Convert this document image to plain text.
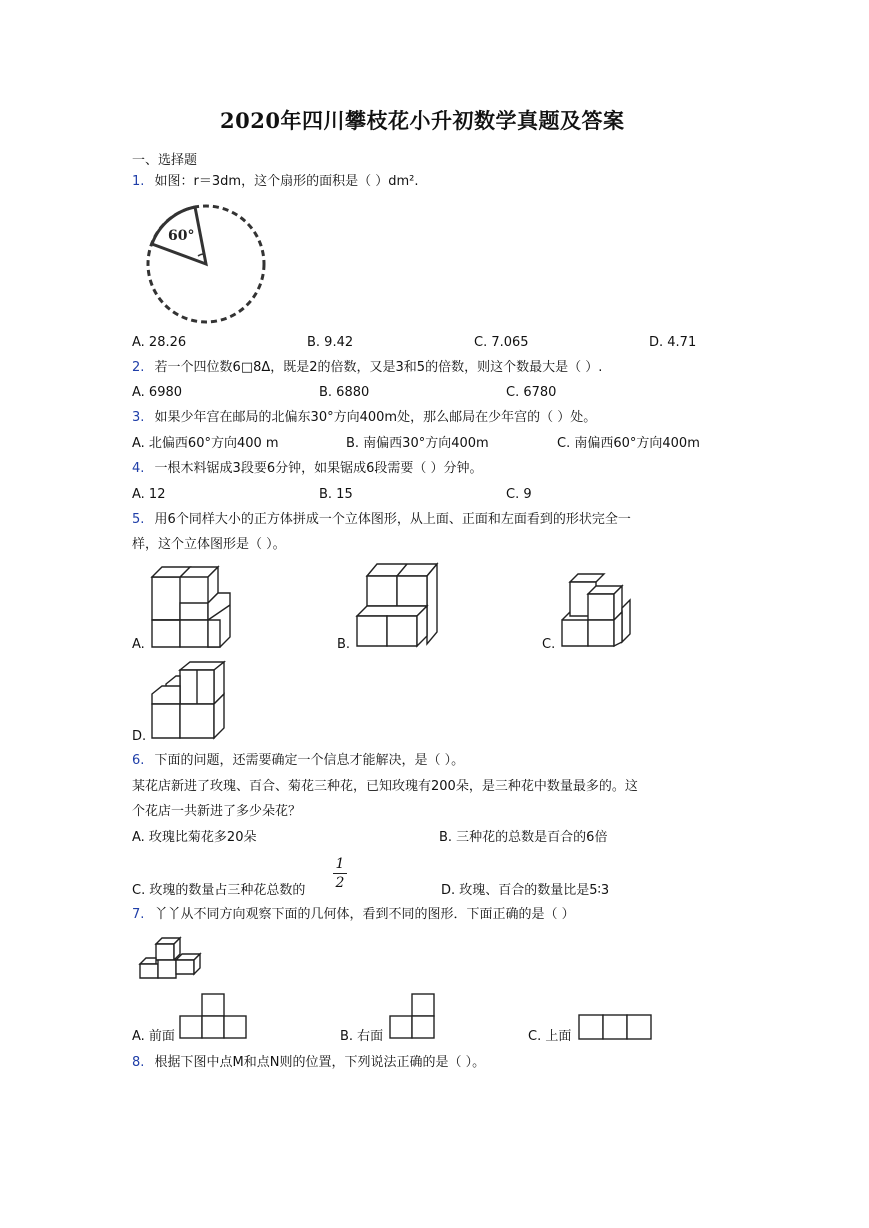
2020年四川攀枝花小升初数学真题及答案
一、选择题
1. 如图：r＝3dm，这个扇形的面积是（ ）dm².
60°
A. 28.26	B. 9.42	C. 7.065	D. 4.71
2. 若一个四位数6□8Δ，既是2的倍数，又是3和5的倍数，则这个数最大是（ ）.
A. 6980	B. 6880	C. 6780
3. 如果少年宫在邮局的北偏东30°方向400m处，那么邮局在少年宫的（ ）处。
A. 北偏西60°方向400 m	B. 南偏西30°方向400m	C. 南偏西60°方向400m
4. 一根木料锯成3段要6分钟，如果锯成6段需要（ ）分钟。
A. 12	B. 15	C. 9
5. 用6个同样大小的正方体拼成一个立体图形，从上面、正面和左面看到的形状完全一
样，这个立体图形是（ ）。
A.	B.	C.
D.
6. 下面的问题，还需要确定一个信息才能解决，是（ ）。
某花店新进了玫瑰、百合、菊花三种花，已知玫瑰有200朵，是三种花中数量最多的。这
个花店一共新进了多少朵花？
A. 玫瑰比菊花多20朵	B. 三种花的总数是百合的6倍
C. 玫瑰的数量占三种花总数的
1
2	D. 玫瑰、百合的数量比是5∶3
7. 丫丫从不同方向观察下面的几何体，看到不同的图形．下面正确的是（ ）
A. 前面	B. 右面	C. 上面
8. 根据下图中点M和点N则的位置，下列说法正确的是（ ）。
